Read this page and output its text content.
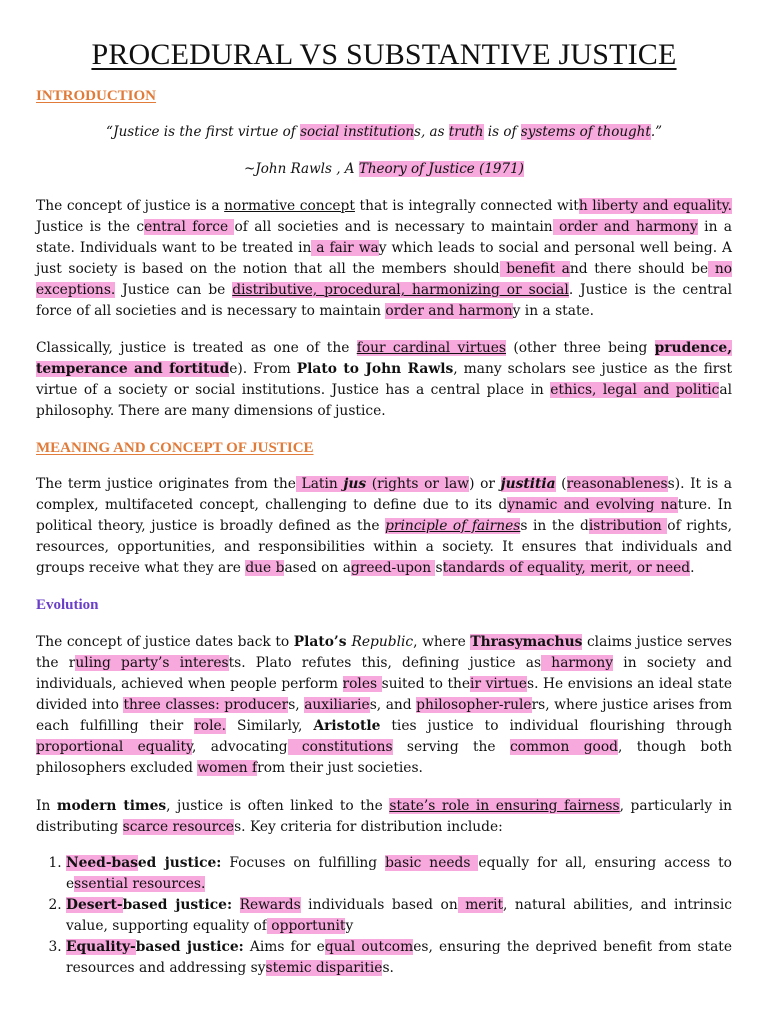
PROCEDURAL VS SUBSTANTIVE JUSTICE

INTRODUCTION

“Justice is the first virtue of social institutions, as truth is of systems of thought.”

~John Rawls , A Theory of Justice (1971)

The concept of justice is a normative concept that is integrally connected with liberty and equality. Justice is the central force of all societies and is necessary to maintain order and harmony in a state. Individuals want to be treated in a fair way which leads to social and personal well being. A just society is based on the notion that all the members should benefit and there should be no exceptions. Justice can be distributive, procedural, harmonizing or social. Justice is the central force of all societies and is necessary to maintain order and harmony in a state.

Classically, justice is treated as one of the four cardinal virtues (other three being prudence, temperance and fortitude). From Plato to John Rawls, many scholars see justice as the first virtue of a society or social institutions. Justice has a central place in ethics, legal and political philosophy. There are many dimensions of justice.

MEANING AND CONCEPT OF JUSTICE

The term justice originates from the Latin jus (rights or law) or justitia (reasonableness). It is a complex, multifaceted concept, challenging to define due to its dynamic and evolving nature. In political theory, justice is broadly defined as the principle of fairness in the distribution of rights, resources, opportunities, and responsibilities within a society. It ensures that individuals and groups receive what they are due based on agreed-upon standards of equality, merit, or need.

Evolution

The concept of justice dates back to Plato’s Republic, where Thrasymachus claims justice serves the ruling party’s interests. Plato refutes this, defining justice as harmony in society and individuals, achieved when people perform roles suited to their virtues. He envisions an ideal state divided into three classes: producers, auxiliaries, and philosopher-rulers, where justice arises from each fulfilling their role. Similarly, Aristotle ties justice to individual flourishing through proportional equality, advocating constitutions serving the common good, though both philosophers excluded women from their just societies.

In modern times, justice is often linked to the state’s role in ensuring fairness, particularly in distributing scarce resources. Key criteria for distribution include:

1. Need-based justice: Focuses on fulfilling basic needs equally for all, ensuring access to essential resources.
2. Desert-based justice: Rewards individuals based on merit, natural abilities, and intrinsic value, supporting equality of opportunity
3. Equality-based justice: Aims for equal outcomes, ensuring the deprived benefit from state resources and addressing systemic disparities.
